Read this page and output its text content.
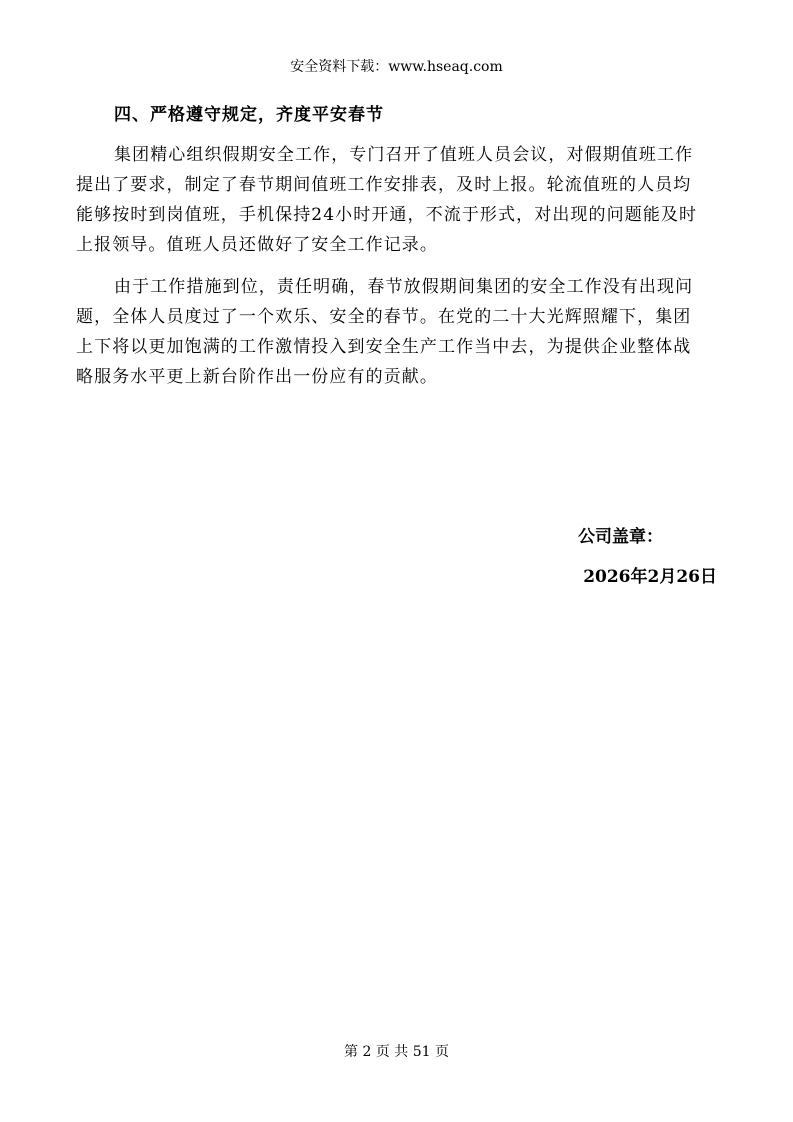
安全资料下载：www.hseaq.com
四、严格遵守规定，齐度平安春节
集团精心组织假期安全工作，专门召开了值班人员会议，对假期值班工作
提出了要求，制定了春节期间值班工作安排表，及时上报。轮流值班的人员均
能够按时到岗值班，手机保持24小时开通，不流于形式，对出现的问题能及时
上报领导。值班人员还做好了安全工作记录。
由于工作措施到位，责任明确，春节放假期间集团的安全工作没有出现问
题，全体人员度过了一个欢乐、安全的春节。在党的二十大光辉照耀下，集团
上下将以更加饱满的工作激情投入到安全生产工作当中去，为提供企业整体战
略服务水平更上新台阶作出一份应有的贡献。
公司盖章：
2026年2月26日
第 2 页 共 51 页
